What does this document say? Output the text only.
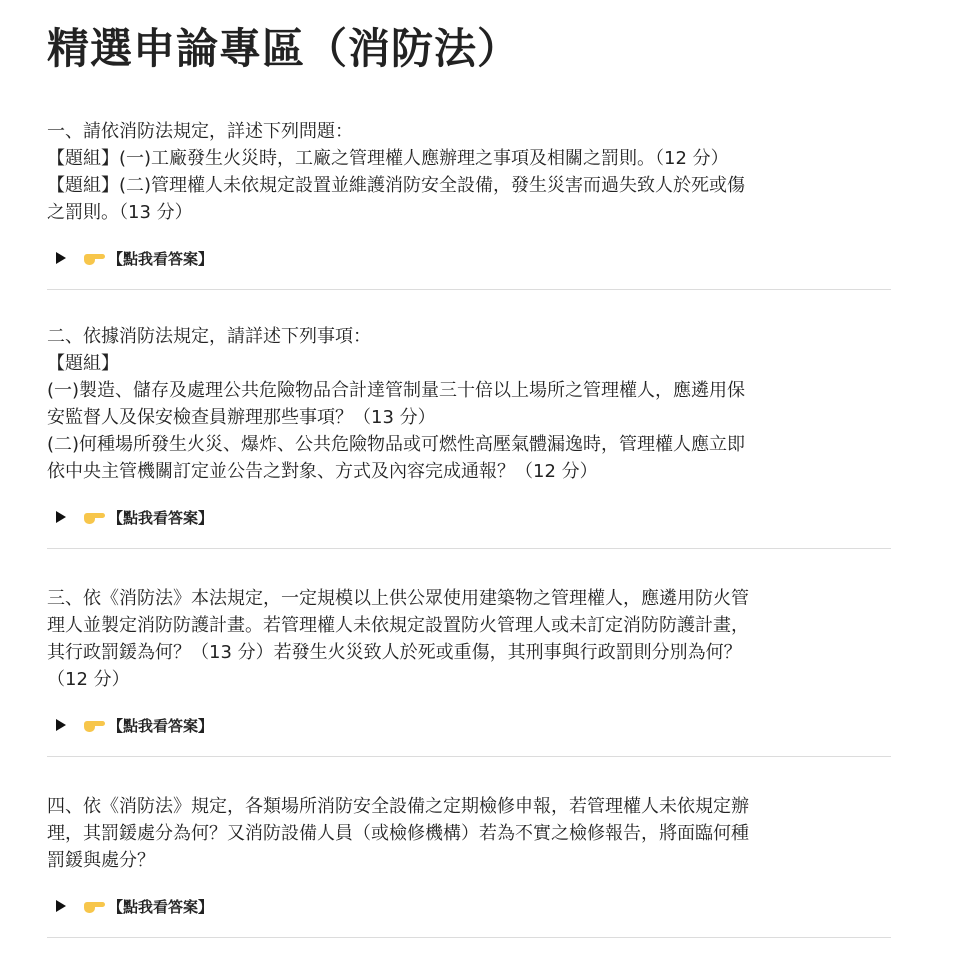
精選申論專區（消防法）
一、請依消防法規定，詳述下列問題：
【題組】(一)工廠發生火災時，工廠之管理權人應辦理之事項及相關之罰則。（12 分）
【題組】(二)管理權人未依規定設置並維護消防安全設備，發生災害而過失致人於死或傷
之罰則。（13 分）
【點我看答案】
二、依據消防法規定，請詳述下列事項：
【題組】
(一)製造、儲存及處理公共危險物品合計達管制量三十倍以上場所之管理權人，應遴用保
安監督人及保安檢查員辦理那些事項？（13 分）
(二)何種場所發生火災、爆炸、公共危險物品或可燃性高壓氣體漏逸時，管理權人應立即
依中央主管機關訂定並公告之對象、方式及內容完成通報？（12 分）
【點我看答案】
三、依《消防法》本法規定，一定規模以上供公眾使用建築物之管理權人，應遴用防火管
理人並製定消防防護計畫。若管理權人未依規定設置防火管理人或未訂定消防防護計畫，
其行政罰鍰為何？（13 分）若發生火災致人於死或重傷，其刑事與行政罰則分別為何？
（12 分）
【點我看答案】
四、依《消防法》規定，各類場所消防安全設備之定期檢修申報，若管理權人未依規定辦
理，其罰鍰處分為何？又消防設備人員（或檢修機構）若為不實之檢修報告，將面臨何種
罰鍰與處分？
【點我看答案】
